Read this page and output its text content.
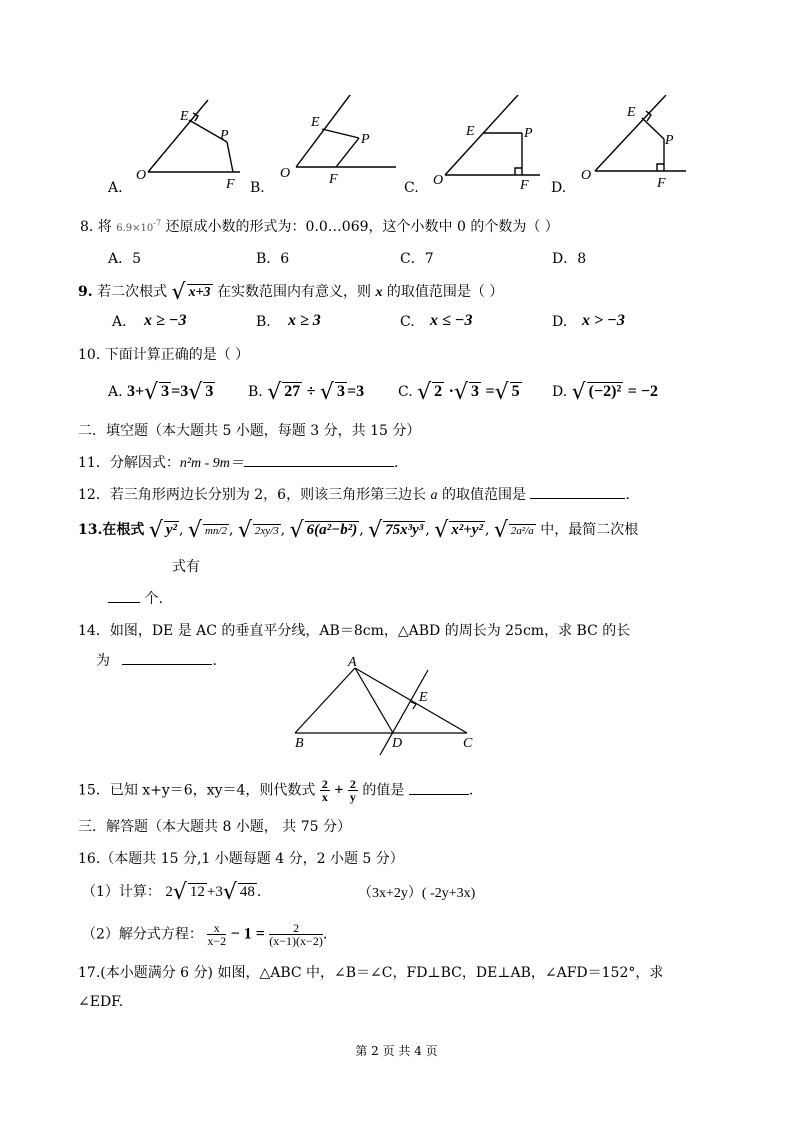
E
P
O
F
E
P
O	F
E	P
O	F
E
P
O
F
A.	B.	C.	D.
8. 将 $6.9\times 10^{-7}$ 还原成小数的形式为：0.0…069，这个小数中 0 的个数为（ ）
A．5	B．6	C．7	D．8
9. 若二次根式 √ x+3 在实数范围内有意义，则 x 的取值范围是（ ）
A. x ≥ −3	B. x ≥ 3	C. x ≤ −3	D. x > −3
10. 下面计算正确的是（ ）
A. 3+√ 3 =3√ 3 B. √ 27 ÷ √ 3 =3 C. √ 2 ·√ 3 =√ 5 D. √ (−2)² = −2
二．填空题（本大题共 5 小题，每题 3 分，共 15 分）
11．分解因式：n²m - 9m＝	.
12．若三角形两边长分别为 2，6，则该三角形第三边长 a 的取值范围是	.
13.在根式 √ y² , √ mn/2 , √ 2xy/3 , √ 6(a²−b²) , √ 75x³y³ , √ x²+y² , √ 2a²/a 中，最简二次根
式有
个.
14．如图，DE 是 AC 的垂直平分线，AB＝8cm，△ABD 的周长为 25cm，求 BC 的长
为	.	A
B	C
D
E
15．已知 x+y＝6，xy＝4，则代数式 $\frac{2}{x} + \frac{2}{y}$ 的值是	.
三．解答题（本大题共 8 小题， 共 75 分）
16.（本题共 15 分,1 小题每题 4 分，2 小题 5 分）
（1）计算： 2√ 12 +3√ 48 .	（3x+2y）( -2y+3x)
（2）解分式方程： $\frac{x}{x-2} - 1 = \frac{2}{(x-1)(x-2)}$ .
17.(本小题满分 6 分) 如图，△ABC 中，∠B＝∠C，FD⊥BC，DE⊥AB，∠AFD＝152°，求
∠EDF.
第 2 页 共 4 页
